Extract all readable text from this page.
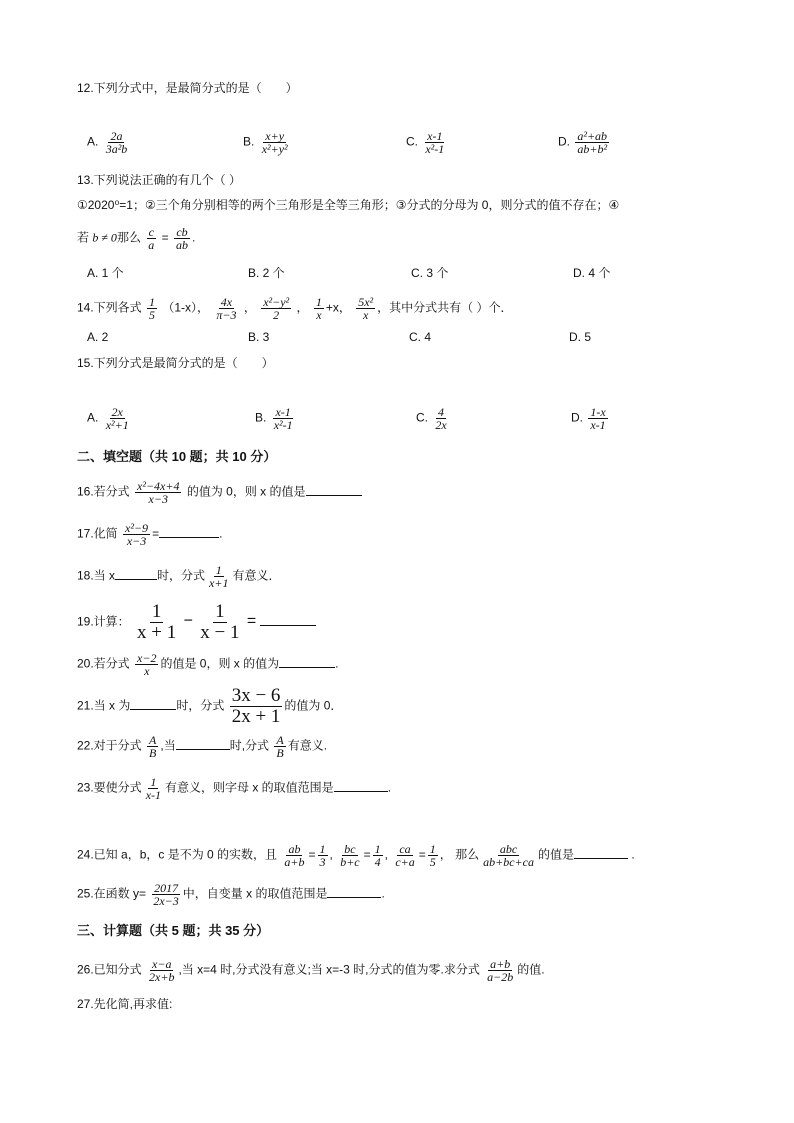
12.下列分式中，是最简分式的是（　　）
A. $\frac{2a}{\text{3a²b}}$	B. $\frac{x+y}{\text{x²+y²}}$	C. $\frac{x-1}{\text{x²-1}}$	D. $\frac{\text{a²+ab}}{\text{ab+b²}}$
13.下列说法正确的有几个（ ）
①2020⁰=1；②三个角分别相等的两个三角形是全等三角形；③分式的分母为 0，则分式的值不存在；④
若 b ≠ 0那么 $\frac{c}{a} = \frac{cb}{ab}$ .
A. 1 个	B. 2 个	C. 3 个	D. 4 个
14.下列各式 $\frac{1}{5} (1-x)$， $\frac{4x}{\pi-3}$ ， $\frac{\text{x²−y²}}{2}$ ， $\frac{1}{x} +x$， $\frac{\text{5x²}}{x}$ ，其中分式共有（ ）个．
A. 2	B. 3	C. 4	D. 5
15.下列分式是最简分式的是（　　）
A. $\frac{2x}{\text{x²+1}}$	B. $\frac{x-1}{\text{x²-1}}$	C. $\frac{4}{2x}$	D. $\frac{1-x}{x-1}$
二、填空题（共 10 题；共 10 分）
16.若分式 $\frac{\text{x²−4x+4}}{x-3}$ 的值为 0，则 x 的值是
17.化简 $\frac{\text{x²−9}}{x-3}$ =	.
18.当 x	时，分式 $\frac{1}{x+1}$ 有意义．
19.计算： $\frac{1}{x + 1} - \frac{1}{x - 1}$ =
20.若分式 $\frac{x-2}{x}$ 的值是 0，则 x 的值为	.
21.当 x 为	时，分式 $\frac{3x - 6}{2x + 1}$ 的值为 0．
22.对于分式 $\frac{A}{B}$ ,当	时,分式 $\frac{A}{B}$ 有意义.
23.要使分式 $\frac{1}{x-1}$ 有意义，则字母 x 的取值范围是	.
24.已知 a，b，c 是不为 0 的实数，且 $\frac{ab}{a+b} = \frac{1}{3}$ , $\frac{bc}{b+c} = \frac{1}{4}$ , $\frac{ca}{c+a} = \frac{1}{5}$ ， 那么 $\frac{\text{abc}}{ab+bc+ca}$ 的值是	.
25.在函数 $y= \frac{2017}{2x-3}$ 中，自变量 x 的取值范围是	.
三、计算题（共 5 题；共 35 分）
26.已知分式 $\frac{x-a}{2x+b}$ ,当 x=4 时,分式没有意义;当 x=-3 时,分式的值为零.求分式 $\frac{a+b}{a-2b}$ 的值.
27.先化简,再求值:
